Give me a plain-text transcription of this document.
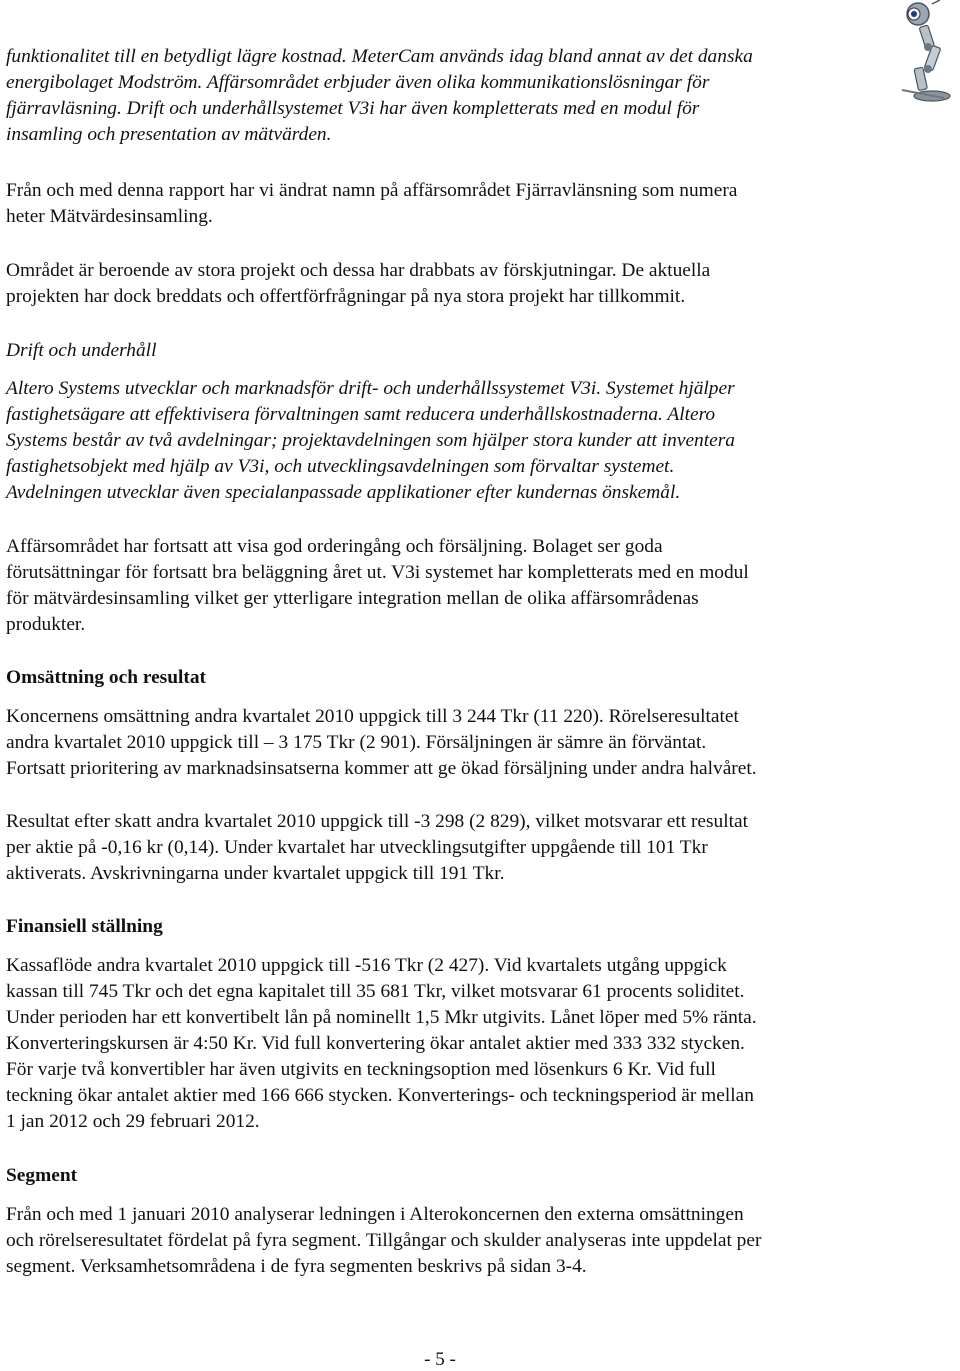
funktionalitet till en betydligt lägre kostnad. MeterCam används idag bland annat av det danska

energibolaget Modström. Affärsområdet erbjuder även olika kommunikationslösningar för

fjärravläsning. Drift och underhållsystemet V3i har även kompletterats med en modul för

insamling och presentation av mätvärden.

Från och med denna rapport har vi ändrat namn på affärsområdet Fjärravlänsning som numera

heter Mätvärdesinsamling.

Området är beroende av stora projekt och dessa har drabbats av förskjutningar. De aktuella

projekten har dock breddats och offertförfrågningar på nya stora projekt har tillkommit.

Drift och underhåll

Altero Systems utvecklar och marknadsför drift- och underhållssystemet V3i. Systemet hjälper

fastighetsägare att effektivisera förvaltningen samt reducera underhållskostnaderna. Altero

Systems består av två avdelningar; projektavdelningen som hjälper stora kunder att inventera

fastighetsobjekt med hjälp av V3i, och utvecklingsavdelningen som förvaltar systemet.

Avdelningen utvecklar även specialanpassade applikationer efter kundernas önskemål.

Affärsområdet har fortsatt att visa god orderingång och försäljning. Bolaget ser goda

förutsättningar för fortsatt bra beläggning året ut. V3i systemet har kompletterats med en modul

för mätvärdesinsamling vilket ger ytterligare integration mellan de olika affärsområdenas

produkter.

Omsättning och resultat

Koncernens omsättning andra kvartalet 2010 uppgick till 3 244 Tkr (11 220). Rörelseresultatet

andra kvartalet 2010 uppgick till – 3 175 Tkr (2 901). Försäljningen är sämre än förväntat.

Fortsatt prioritering av marknadsinsatserna kommer att ge ökad försäljning under andra halvåret.

Resultat efter skatt andra kvartalet 2010 uppgick till -3 298 (2 829), vilket motsvarar ett resultat

per aktie på -0,16 kr (0,14). Under kvartalet har utvecklingsutgifter uppgående till 101 Tkr

aktiverats. Avskrivningarna under kvartalet uppgick till 191 Tkr.

Finansiell ställning

Kassaflöde andra kvartalet 2010 uppgick till -516 Tkr (2 427). Vid kvartalets utgång uppgick

kassan till 745 Tkr och det egna kapitalet till 35 681 Tkr, vilket motsvarar 61 procents soliditet.

Under perioden har ett konvertibelt lån på nominellt 1,5 Mkr utgivits. Lånet löper med 5% ränta.

Konverteringskursen är 4:50 Kr. Vid full konvertering ökar antalet aktier med 333 332 stycken.

För varje två konvertibler har även utgivits en teckningsoption med lösenkurs 6 Kr. Vid full

teckning ökar antalet aktier med 166 666 stycken. Konverterings- och teckningsperiod är mellan

1 jan 2012 och 29 februari 2012.

Segment

Från och med 1 januari 2010 analyserar ledningen i Alterokoncernen den externa omsättningen

och rörelseresultatet fördelat på fyra segment. Tillgångar och skulder analyseras inte uppdelat per

segment. Verksamhetsområdena i de fyra segmenten beskrivs på sidan 3-4.

- 5 -
